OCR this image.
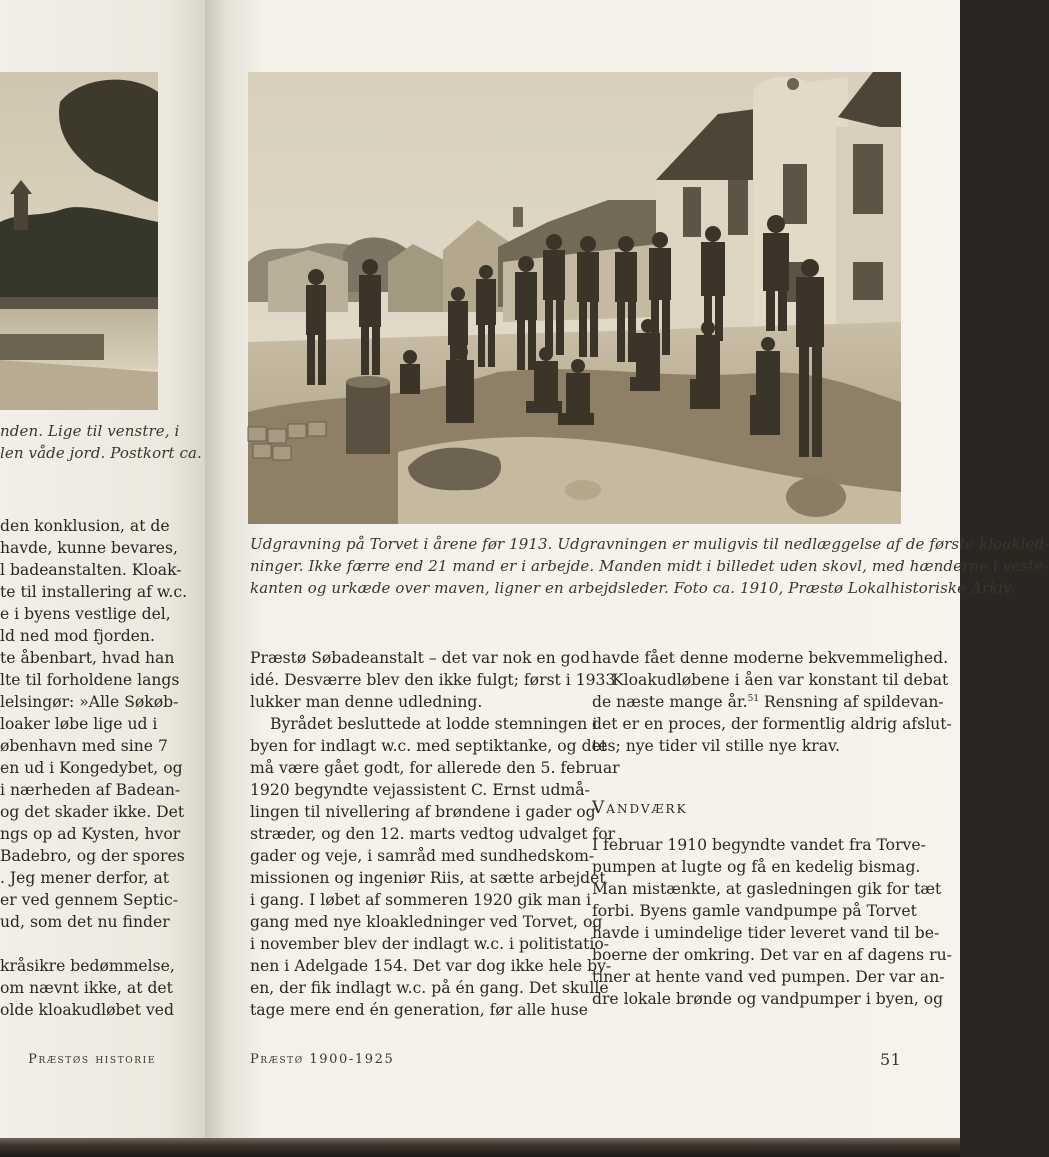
nden. Lige til venstre, i
len våde jord. Postkort ca.
den konklusion, at de
havde, kunne bevares,
l badeanstalten. Kloak-
te til installering af w.c.
e i byens vestlige del,
ld ned mod fjorden.
te åbenbart, hvad han
lte til forholdene langs
lelsingør: »Alle Søkøb-
loaker løbe lige ud i
øbenhavn med sine 7
en ud i Kongedybet, og
i nærheden af Badean-
og det skader ikke. Det
ngs op ad Kysten, hvor
Badebro, og der spores
. Jeg mener derfor, at
er ved gennem Septic-
ud, som det nu finder

kråsikre bedømmelse,
om nævnt ikke, at det
olde kloakudløbet ved
Præstøs historie
Udgravning på Torvet i årene før 1913. Udgravningen er muligvis til nedlæggelse af de første kloakled-
ninger. Ikke færre end 21 mand er i arbejde. Manden midt i billedet uden skovl, med hænderne i veste-
kanten og urkæde over maven, ligner en arbejdsleder. Foto ca. 1910, Præstø Lokalhistoriske Arkiv.
Præstø Søbadeanstalt – det var nok en god
idé. Desværre blev den ikke fulgt; først i 1933
lukker man denne udledning.
Byrådet besluttede at lodde stemningen i
byen for indlagt w.c. med septiktanke, og det
må være gået godt, for allerede den 5. februar
1920 begyndte vejassistent C. Ernst udmå-
lingen til nivellering af brøndene i gader og
stræder, og den 12. marts vedtog udvalget for
gader og veje, i samråd med sundhedskom-
missionen og ingeniør Riis, at sætte arbejdet
i gang. I løbet af sommeren 1920 gik man i
gang med nye kloakledninger ved Torvet, og
i november blev der indlagt w.c. i politistatio-
nen i Adelgade 154. Det var dog ikke hele by-
en, der fik indlagt w.c. på én gang. Det skulle
tage mere end én generation, før alle huse
havde fået denne moderne bekvemmelighed.
Kloakudløbene i åen var konstant til debat
de næste mange år.$^{51}$ Rensning af spildevan-
det er en proces, der formentlig aldrig afslut-
tes; nye tider vil stille nye krav.
Vandværk
I februar 1910 begyndte vandet fra Torve-
pumpen at lugte og få en kedelig bismag.
Man mistænkte, at gasledningen gik for tæt
forbi. Byens gamle vandpumpe på Torvet
havde i umindelige tider leveret vand til be-
boerne der omkring. Det var en af dagens ru-
tiner at hente vand ved pumpen. Der var an-
dre lokale brønde og vandpumper i byen, og
Præstø 1900-1925	51
